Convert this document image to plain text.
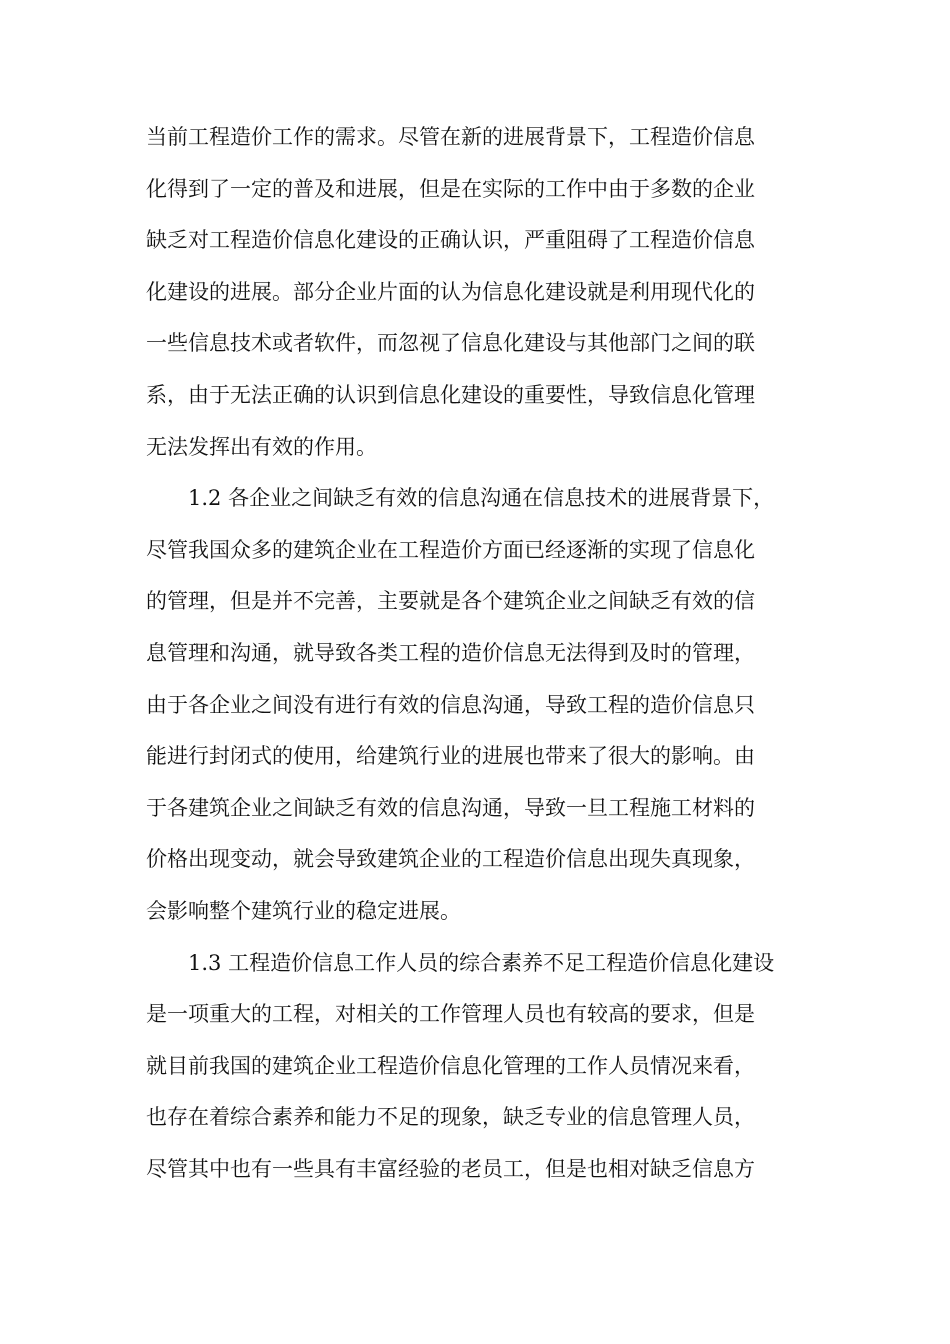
当前工程造价工作的需求。尽管在新的进展背景下，工程造价信息
化得到了一定的普及和进展，但是在实际的工作中由于多数的企业
缺乏对工程造价信息化建设的正确认识，严重阻碍了工程造价信息
化建设的进展。部分企业片面的认为信息化建设就是利用现代化的
一些信息技术或者软件，而忽视了信息化建设与其他部门之间的联
系，由于无法正确的认识到信息化建设的重要性，导致信息化管理
无法发挥出有效的作用。
　　1.2 各企业之间缺乏有效的信息沟通在信息技术的进展背景下，
尽管我国众多的建筑企业在工程造价方面已经逐渐的实现了信息化
的管理，但是并不完善，主要就是各个建筑企业之间缺乏有效的信
息管理和沟通，就导致各类工程的造价信息无法得到及时的管理，
由于各企业之间没有进行有效的信息沟通，导致工程的造价信息只
能进行封闭式的使用，给建筑行业的进展也带来了很大的影响。由
于各建筑企业之间缺乏有效的信息沟通，导致一旦工程施工材料的
价格出现变动，就会导致建筑企业的工程造价信息出现失真现象，
会影响整个建筑行业的稳定进展。
　　1.3 工程造价信息工作人员的综合素养不足工程造价信息化建设
是一项重大的工程，对相关的工作管理人员也有较高的要求，但是
就目前我国的建筑企业工程造价信息化管理的工作人员情况来看，
也存在着综合素养和能力不足的现象，缺乏专业的信息管理人员，
尽管其中也有一些具有丰富经验的老员工，但是也相对缺乏信息方
